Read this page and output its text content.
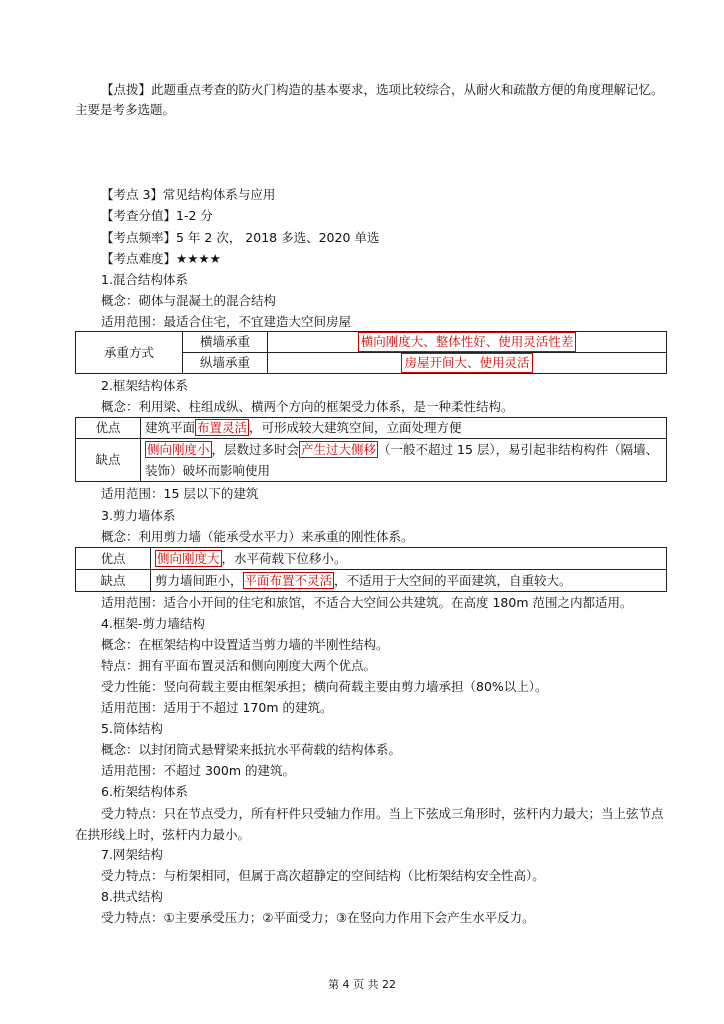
【点拨】此题重点考查的防火门构造的基本要求，选项比较综合，从耐火和疏散方便的角度理解记忆。主要是考多选题。
【考点 3】常见结构体系与应用
【考查分值】1-2 分
【考点频率】5 年 2 次， 2018 多选、2020 单选
【考点难度】★★★★
1.混合结构体系
概念：砌体与混凝土的混合结构
适用范围：最适合住宅，不宜建造大空间房屋
承重方式	横墙承重	横向刚度大、整体性好、使用灵活性差
	纵墙承重	房屋开间大、使用灵活
2.框架结构体系
概念：利用梁、柱组成纵、横两个方向的框架受力体系，是一种柔性结构。
优点	建筑平面 布置灵活 ，可形成较大建筑空间，立面处理方便
缺点	侧向刚度小 ，层数过多时会 产生过大侧移 （一般不超过 15 层），易引起非结构构件（隔墙、装饰）破坏而影响使用
适用范围：15 层以下的建筑
3.剪力墙体系
概念：利用剪力墙（能承受水平力）来承重的刚性体系。
优点	侧向刚度大 ，水平荷载下位移小。
缺点	剪力墙间距小， 平面布置不灵活 ，不适用于大空间的平面建筑，自重较大。
适用范围：适合小开间的住宅和旅馆，不适合大空间公共建筑。在高度 180m 范围之内都适用。
4.框架-剪力墙结构
概念：在框架结构中设置适当剪力墙的半刚性结构。
特点：拥有平面布置灵活和侧向刚度大两个优点。
受力性能：竖向荷载主要由框架承担；横向荷载主要由剪力墙承担（80%以上）。
适用范围：适用于不超过 170m 的建筑。
5.筒体结构
概念：以封闭筒式悬臂梁来抵抗水平荷载的结构体系。
适用范围：不超过 300m 的建筑。
6.桁架结构体系
受力特点：只在节点受力，所有杆件只受轴力作用。当上下弦成三角形时，弦杆内力最大；当上弦节点在拱形线上时，弦杆内力最小。
7.网架结构
受力特点：与桁架相同，但属于高次超静定的空间结构（比桁架结构安全性高）。
8.拱式结构
受力特点：①主要承受压力；②平面受力；③在竖向力作用下会产生水平反力。
第 4 页 共 22
